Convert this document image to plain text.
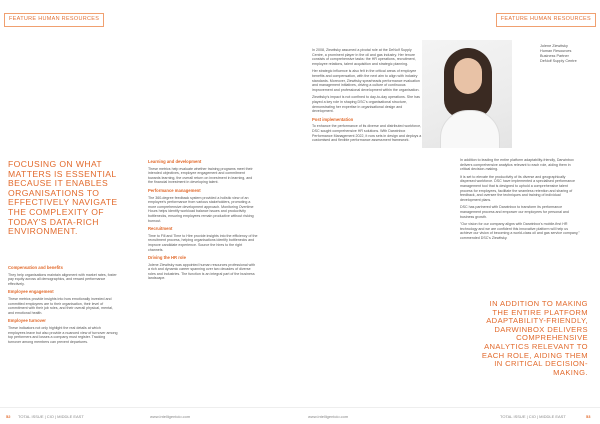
FEATURE HUMAN RESOURCES
FOCUSING ON WHAT MATTERS IS ESSENTIAL BECAUSE IT ENABLES ORGANISATIONS TO EFFECTIVELY NAVIGATE THE COMPLEXITY OF TODAY'S DATA-RICH ENVIRONMENT.
Compensation and benefits

They help organisations maintain alignment with market rates, foster pay equity across all demographics, and reward performance effectively.

Employee engagement

These metrics provide insights into how emotionally invested and committed employees are to their organisation, their level of commitment with their job roles, and their overall physical, mental, and emotional health.

Employee turnover

These indicators not only highlight the real details at which employees leave but also provide a nuanced view of turnover among top performers and losses a company must register. Tracking turnover among members can prevent departures.

Learning and development

These metrics help evaluate whether training programs meet their intended objectives, employee engagement and commitment towards learning, the overall return on investment in learning, and the financial investment in developing talent.

Performance management

The 360-degree feedback system provided a holistic view of an employee's performance from various stakeholders, promoting a more comprehensive development approach. Monitoring Overtime Hours helps identify workload balance issues and productivity bottlenecks, ensuring employees remain productive without risking burnout.

Recruitment

Time to Fill and Time to Hire provide insights into the efficiency of the recruitment process, helping organisations identify bottlenecks and improve candidate experience. Source the hires to the right channels.

Driving the HR role

Jolene Ziewitsky was appointed human resources professional with a rich and dynamic career spanning over two decades of diverse roles and industries. The function is an integral part of the business landscape.

52 TOTAL ISSUE | CIO | MIDDLE EAST	www.intelligentcio.com
FEATURE HUMAN RESOURCES

In 2008, Ziewitsky assumed a pivotal role at the DeNolf Supply Centre, a prominent player in the oil and gas industry. Her tenure consists of comprehensive tasks: the HR operations, recruitment, employee relations, talent acquisition and strategic planning.

Her strategic influence is also felt in the critical areas of employee benefits and compensation, with the next aim to align with industry standards. Moreover, Ziewitsky spearheads performance evaluation and management initiatives, driving a culture of continuous improvement and professional development within the organisation.

Ziewitsky's impact is not confined to day-to-day operations. She has played a key role in shaping DSC's organisational structure, demonstrating her expertise in organisational design and development.

Post implementation

To enhance the performance of its diverse and distributed workforce, DSC sought comprehensive HR solutions. With Darwinbox Performance Management 2022, it now sets in design and deploys a customised and flexible performance assessment framework.

In addition to leading the entire platform adaptability-friendly, Darwinbox delivers comprehensive analytics relevant to each role, aiding them in critical decision-making.

It is set to elevate the productivity of its diverse and geographically dispersed workforce. DSC have implemented a specialised performance management tool that is designed to uphold a comprehensive talent process for employees, facilitate the seamless retention and sharing of feedback, and oversee the techniques and training of individual development plans.

DSC has partnered with Darwinbox to transform its performance management process and empower our employees for personal and business growth.

"Our vision for our company aligns with Darwinbox's mobile-first HR technology and we are confident this innovative platform will help us achieve our vision of becoming a world-class oil and gas service company," commended DSC's Ziewitsky.

IN ADDITION TO MAKING THE ENTIRE PLATFORM ADAPTABILITY-FRIENDLY, DARWINBOX DELIVERS COMPREHENSIVE ANALYTICS RELEVANT TO EACH ROLE, AIDING THEM IN CRITICAL DECISION-MAKING.
www.intelligentcio.com	TOTAL ISSUE | CIO | MIDDLE EAST	53
Jolene Ziewitsky
Human Resources
Business Partner
DeNolf Supply Centre
